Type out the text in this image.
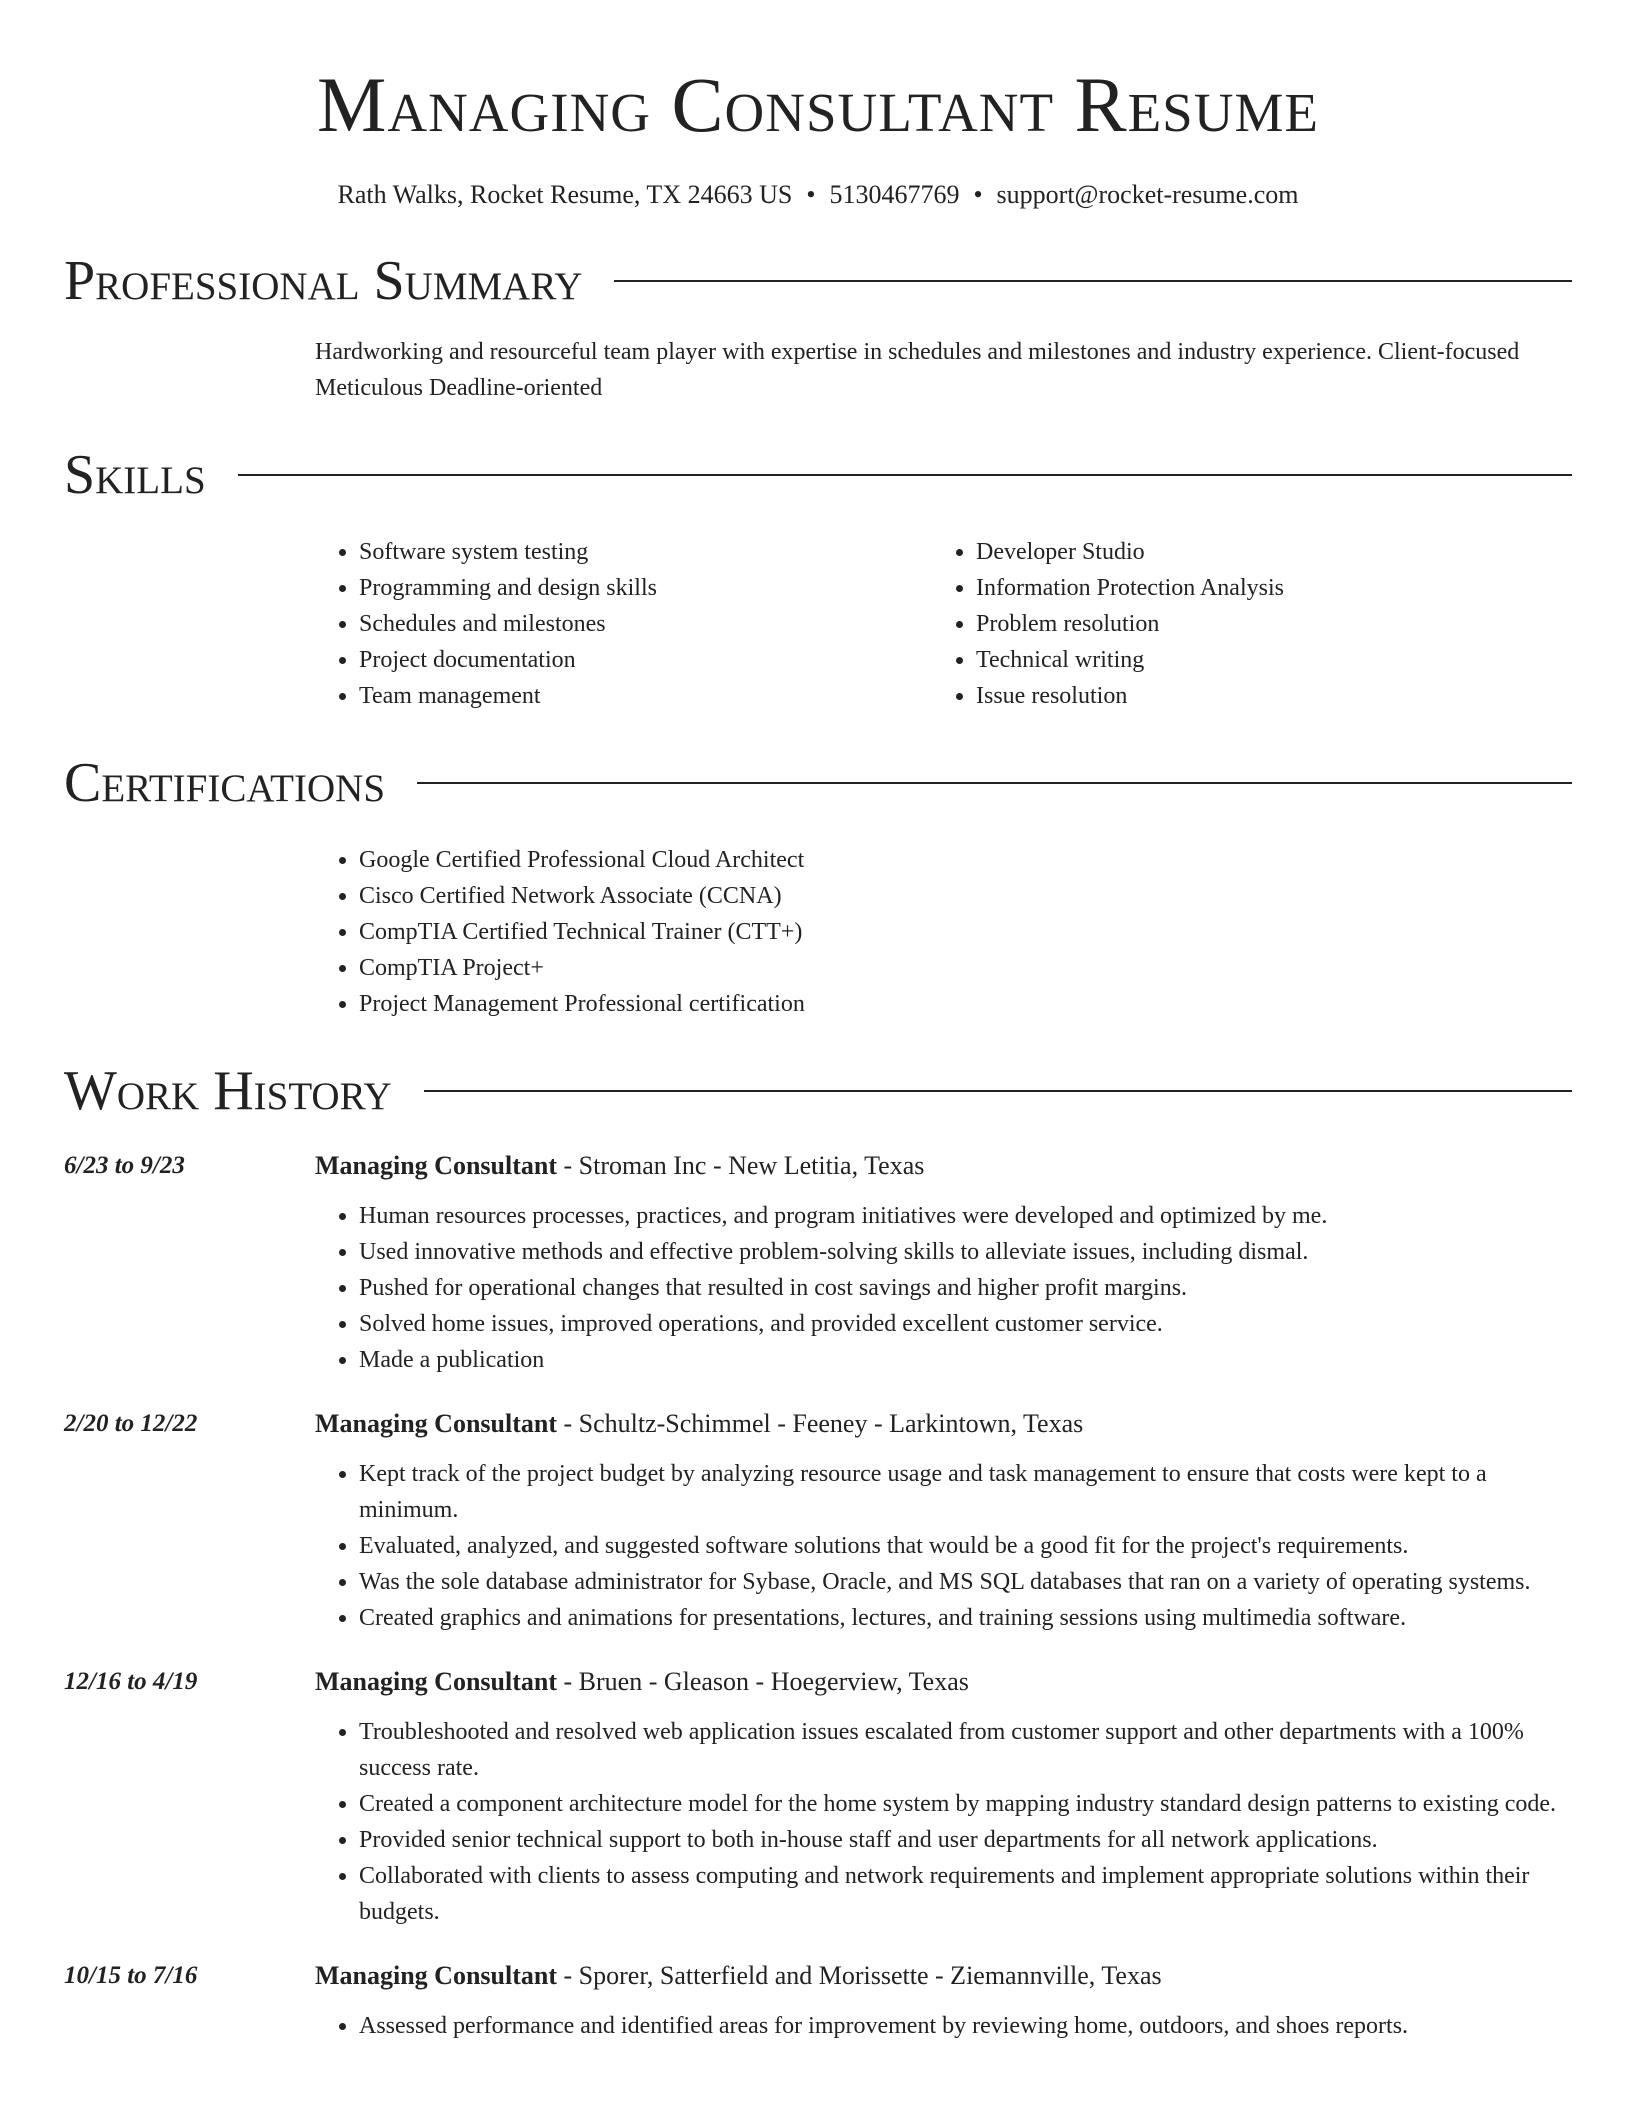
Managing Consultant Resume
Rath Walks, Rocket Resume, TX 24663 US • 5130467769 • support@rocket-resume.com
Professional Summary
Hardworking and resourceful team player with expertise in schedules and milestones and industry experience. Client-focused Meticulous Deadline-oriented
Skills
• Software system testing
• Programming and design skills
• Schedules and milestones
• Project documentation
• Team management
• Developer Studio
• Information Protection Analysis
• Problem resolution
• Technical writing
• Issue resolution
Certifications
• Google Certified Professional Cloud Architect
• Cisco Certified Network Associate (CCNA)
• CompTIA Certified Technical Trainer (CTT+)
• CompTIA Project+
• Project Management Professional certification
Work History
6/23 to 9/23	Managing Consultant - Stroman Inc - New Letitia, Texas
• Human resources processes, practices, and program initiatives were developed and optimized by me.
• Used innovative methods and effective problem-solving skills to alleviate issues, including dismal.
• Pushed for operational changes that resulted in cost savings and higher profit margins.
• Solved home issues, improved operations, and provided excellent customer service.
• Made a publication
2/20 to 12/22	Managing Consultant - Schultz-Schimmel - Feeney - Larkintown, Texas
• Kept track of the project budget by analyzing resource usage and task management to ensure that costs were kept to a minimum.
• Evaluated, analyzed, and suggested software solutions that would be a good fit for the project's requirements.
• Was the sole database administrator for Sybase, Oracle, and MS SQL databases that ran on a variety of operating systems.
• Created graphics and animations for presentations, lectures, and training sessions using multimedia software.
12/16 to 4/19	Managing Consultant - Bruen - Gleason - Hoegerview, Texas
• Troubleshooted and resolved web application issues escalated from customer support and other departments with a 100% success rate.
• Created a component architecture model for the home system by mapping industry standard design patterns to existing code.
• Provided senior technical support to both in-house staff and user departments for all network applications.
• Collaborated with clients to assess computing and network requirements and implement appropriate solutions within their budgets.
10/15 to 7/16	Managing Consultant - Sporer, Satterfield and Morissette - Ziemannville, Texas
• Assessed performance and identified areas for improvement by reviewing home, outdoors, and shoes reports.
